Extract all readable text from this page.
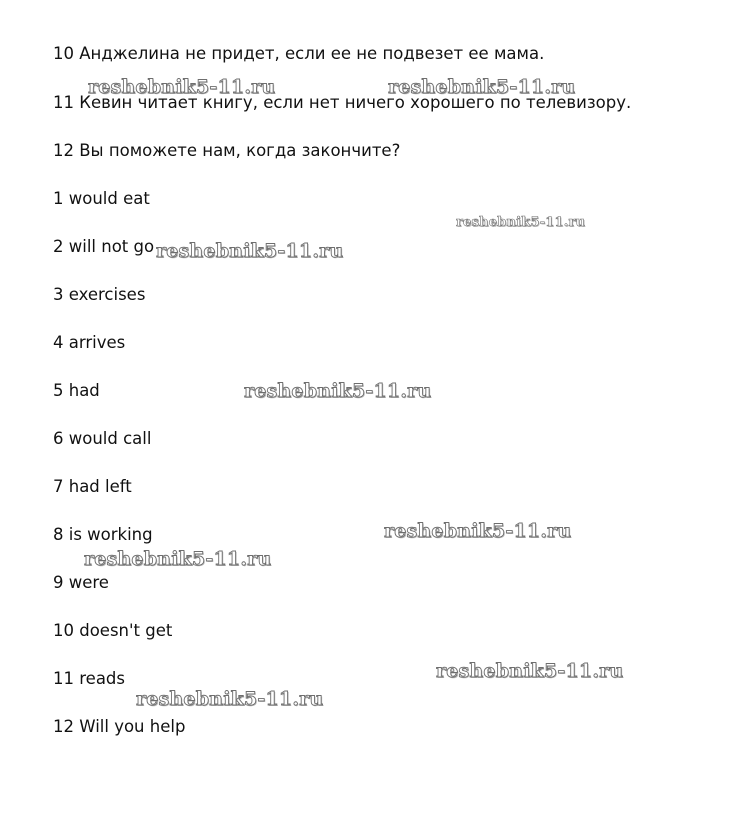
10 Анджелина не придет, если ее не подвезет ее мама.
11 Кевин читает книгу, если нет ничего хорошего по телевизору.
12 Вы поможете нам, когда закончите?
1 would eat
2 will not go
3 exercises
4 arrives
5 had
6 would call
7 had left
8 is working
9 were
10 doesn't get
11 reads
12 Will you help
reshebnik5-11.ru	reshebnik5-11.ru
reshebnik5-11.ru
reshebnik5-11.ru
reshebnik5-11.ru
reshebnik5-11.ru
reshebnik5-11.ru
reshebnik5-11.ru
reshebnik5-11.ru
